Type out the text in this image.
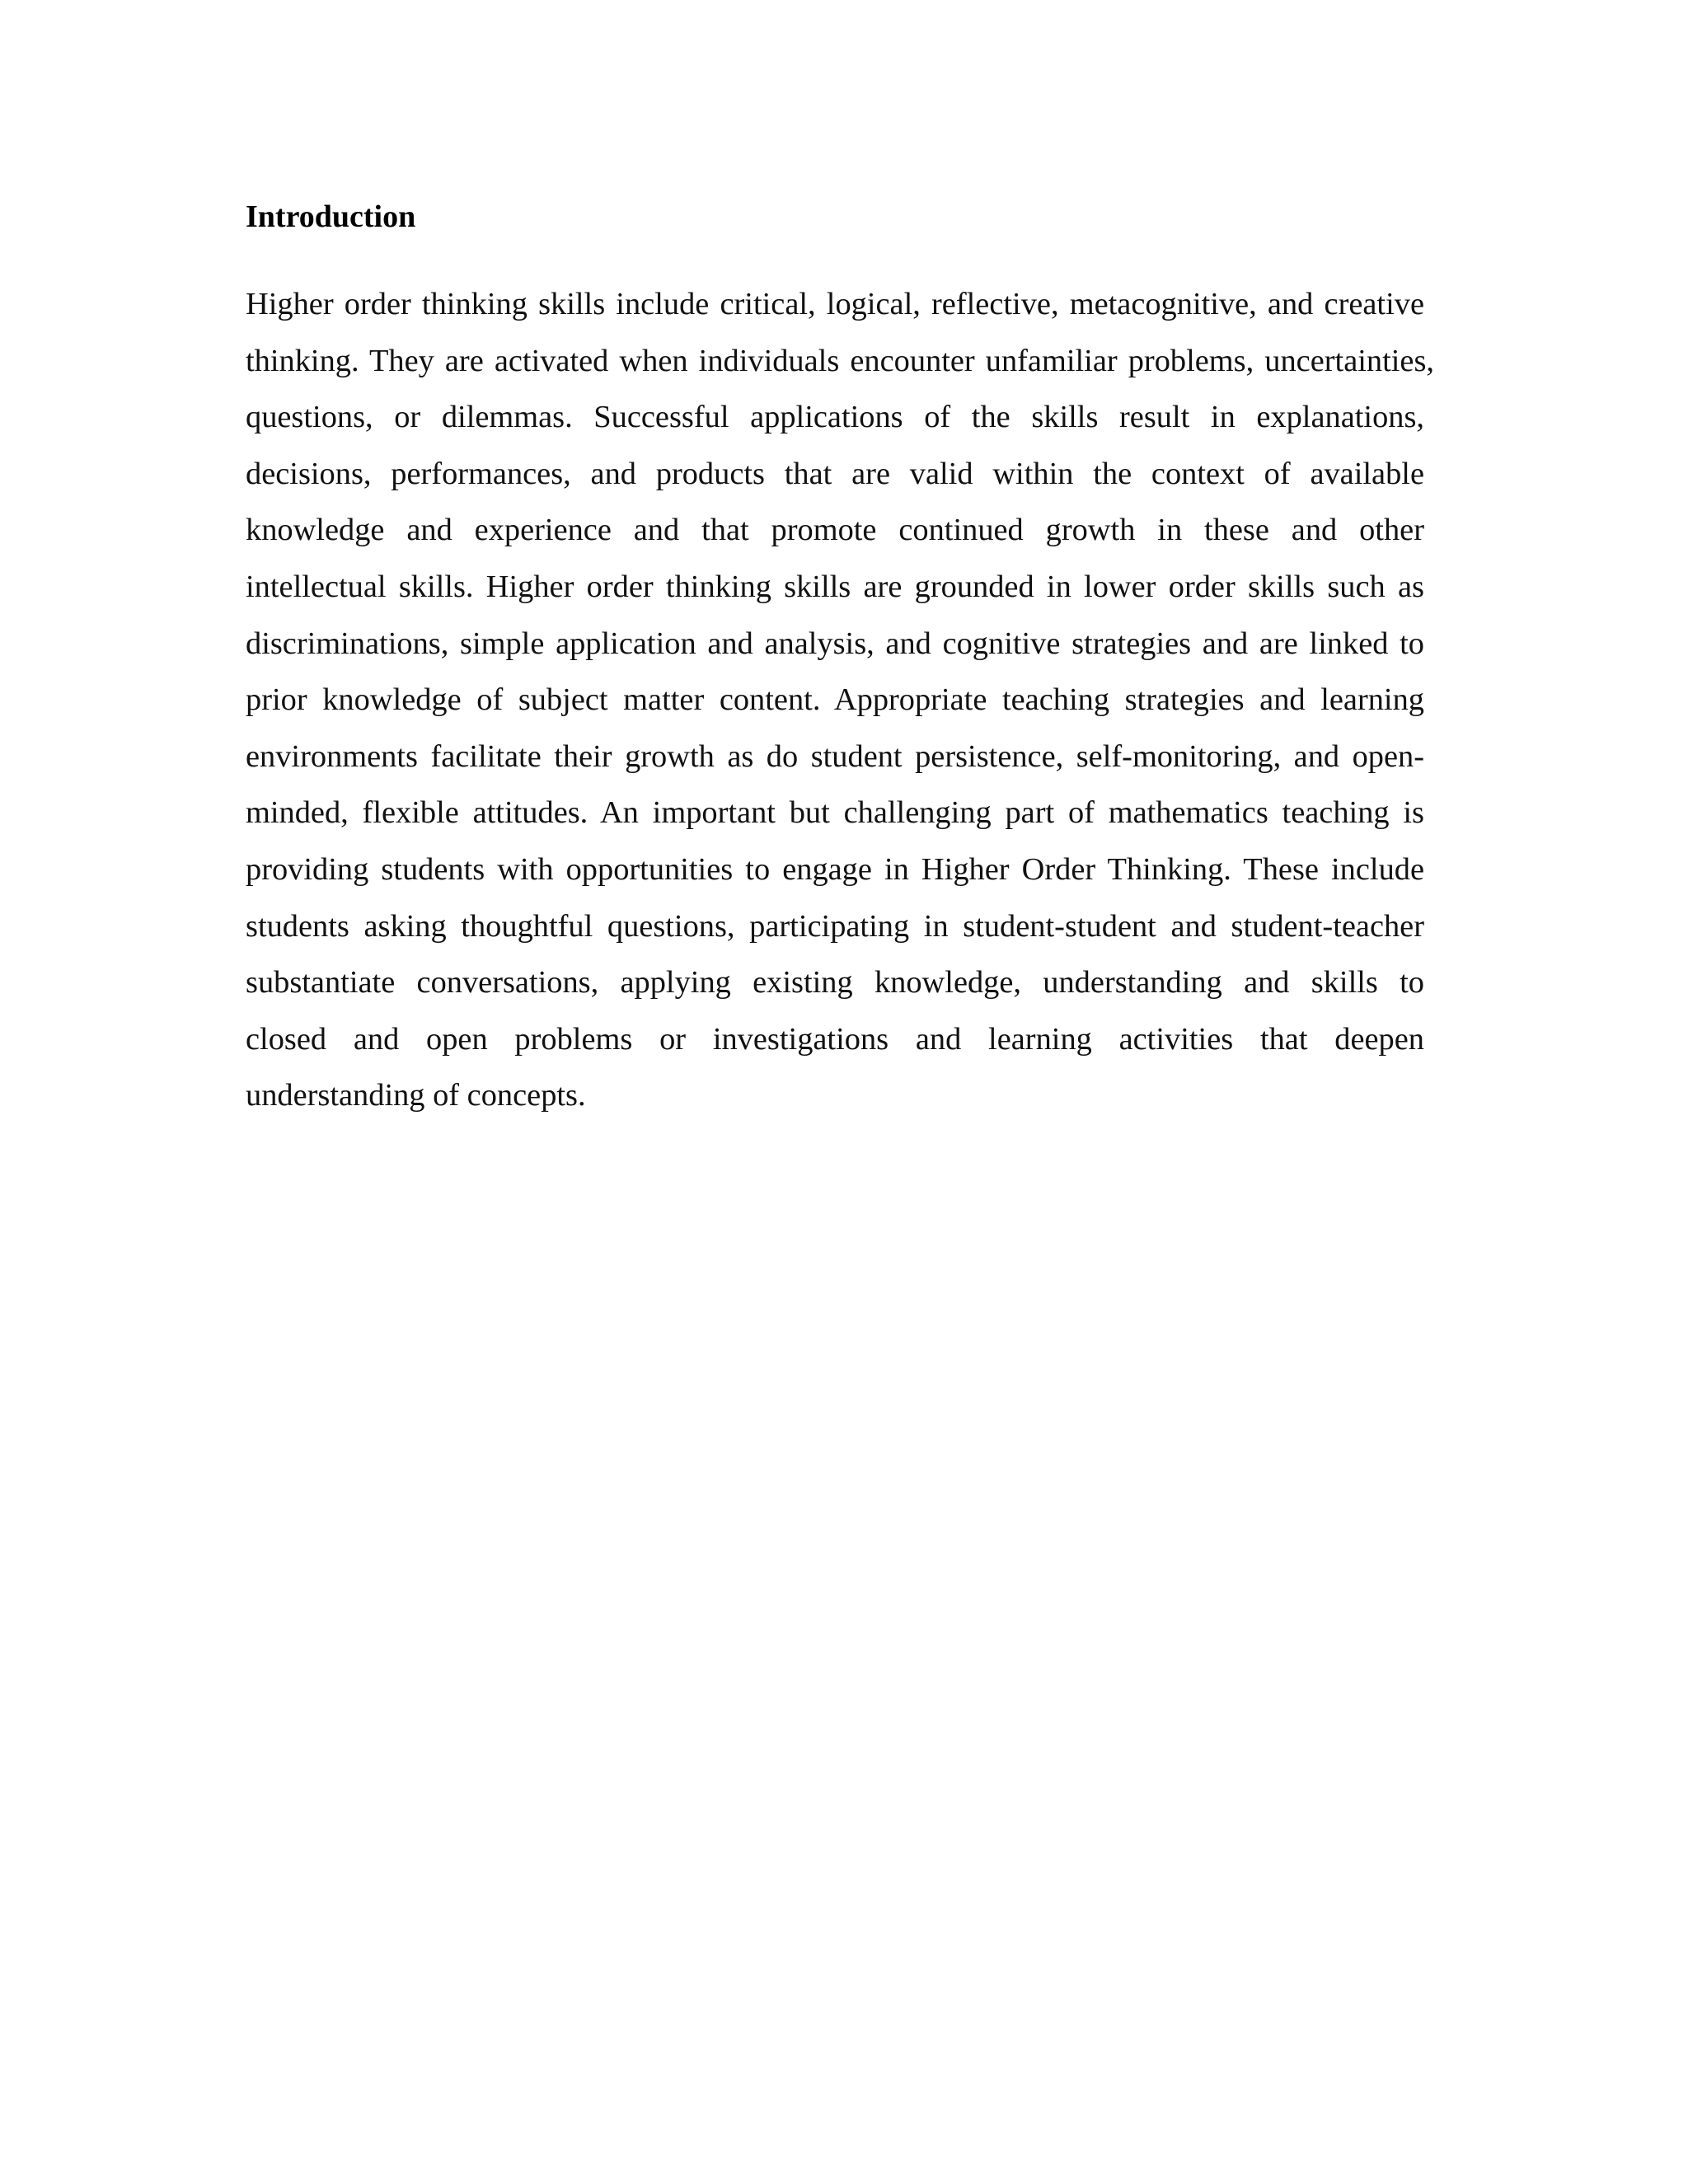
Introduction
Higher order thinking skills include critical, logical, reflective, metacognitive, and creative
thinking. They are activated when individuals encounter unfamiliar problems, uncertainties,
questions, or dilemmas. Successful applications of the skills result in explanations,
decisions, performances, and products that are valid within the context of available
knowledge and experience and that promote continued growth in these and other
intellectual skills. Higher order thinking skills are grounded in lower order skills such as
discriminations, simple application and analysis, and cognitive strategies and are linked to
prior knowledge of subject matter content. Appropriate teaching strategies and learning
environments facilitate their growth as do student persistence, self-monitoring, and open-
minded, flexible attitudes. An important but challenging part of mathematics teaching is
providing students with opportunities to engage in Higher Order Thinking. These include
students asking thoughtful questions, participating in student-student and student-teacher
substantiate conversations, applying existing knowledge, understanding and skills to
closed and open problems or investigations and learning activities that deepen
understanding of concepts.
